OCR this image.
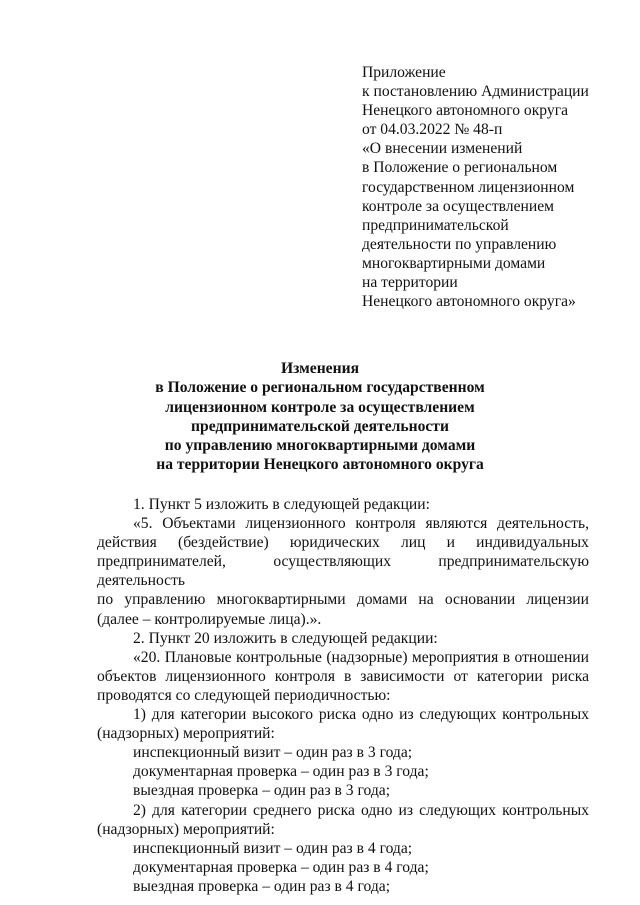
Приложение
к постановлению Администрации
Ненецкого автономного округа
от 04.03.2022 № 48-п
«О внесении изменений
в Положение о региональном
государственном лицензионном
контроле за осуществлением
предпринимательской
деятельности по управлению
многоквартирными домами
на территории
Ненецкого автономного округа»
Изменения
в Положение о региональном государственном
лицензионном контроле за осуществлением
предпринимательской деятельности
по управлению многоквартирными домами
на территории Ненецкого автономного округа
1. Пункт 5 изложить в следующей редакции:
«5. Объектами лицензионного контроля являются деятельность,
действия (бездействие) юридических лиц и индивидуальных
предпринимателей, осуществляющих предпринимательскую деятельность
по управлению многоквартирными домами на основании лицензии
(далее – контролируемые лица).».
2. Пункт 20 изложить в следующей редакции:
«20. Плановые контрольные (надзорные) мероприятия в отношении объектов лицензионного контроля в зависимости от категории риска проводятся со следующей периодичностью:
1) для категории высокого риска одно из следующих контрольных (надзорных) мероприятий:
инспекционный визит – один раз в 3 года;
документарная проверка – один раз в 3 года;
выездная проверка – один раз в 3 года;
2) для категории среднего риска одно из следующих контрольных (надзорных) мероприятий:
инспекционный визит – один раз в 4 года;
документарная проверка – один раз в 4 года;
выездная проверка – один раз в 4 года;
